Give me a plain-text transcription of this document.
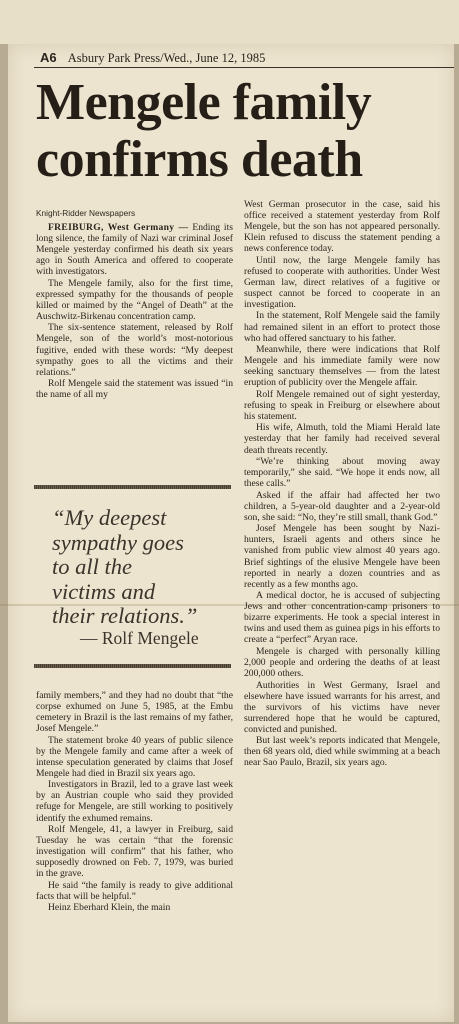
A6 Asbury Park Press/Wed., June 12, 1985
Mengele family
confirms death
Knight-Ridder Newspapers

FREIBURG, West Germany — Ending its long silence, the family of Nazi war criminal Josef Mengele yesterday confirmed his death six years ago in South America and offered to cooperate with investigators.

The Mengele family, also for the first time, expressed sympathy for the thousands of people killed or maimed by the “Angel of Death” at the Auschwitz-Birkenau concentration camp.

The six-sentence statement, released by Rolf Mengele, son of the world’s most-notorious fugitive, ended with these words: “My deepest sympathy goes to all the victims and their relations.”

Rolf Mengele said the statement was issued “in the name of all my

“My deepest
sympathy goes
to all the
victims and
their relations.”
— Rolf Mengele

family members,” and they had no doubt that “the corpse exhumed on June 5, 1985, at the Embu cemetery in Brazil is the last remains of my father, Josef Mengele.”

The statement broke 40 years of public silence by the Mengele family and came after a week of intense speculation generated by claims that Josef Mengele had died in Brazil six years ago.

Investigators in Brazil, led to a grave last week by an Austrian couple who said they provided refuge for Mengele, are still working to positively identify the exhumed remains.

Rolf Mengele, 41, a lawyer in Freiburg, said Tuesday he was certain “that the forensic investigation will confirm” that his father, who supposedly drowned on Feb. 7, 1979, was buried in the grave.

He said “the family is ready to give additional facts that will be helpful.”

Heinz Eberhard Klein, the main

West German prosecutor in the case, said his office received a statement yesterday from Rolf Mengele, but the son has not appeared personally. Klein refused to discuss the statement pending a news conference today.

Until now, the large Mengele family has refused to cooperate with authorities. Under West German law, direct relatives of a fugitive or suspect cannot be forced to cooperate in an investigation.

In the statement, Rolf Mengele said the family had remained silent in an effort to protect those who had offered sanctuary to his father.

Meanwhile, there were indications that Rolf Mengele and his immediate family were now seeking sanctuary themselves — from the latest eruption of publicity over the Mengele affair.

Rolf Mengele remained out of sight yesterday, refusing to speak in Freiburg or elsewhere about his statement.

His wife, Almuth, told the Miami Herald late yesterday that her family had received several death threats recently.

“We’re thinking about moving away temporarily,” she said. “We hope it ends now, all these calls.”

Asked if the affair had affected her two children, a 5-year-old daughter and a 2-year-old son, she said: “No, they’re still small, thank God.”

Josef Mengele has been sought by Nazi-hunters, Israeli agents and others since he vanished from public view almost 40 years ago. Brief sightings of the elusive Mengele have been reported in nearly a dozen countries and as recently as a few months ago.

A medical doctor, he is accused of subjecting Jews and other concentration-camp prisoners to bizarre experiments. He took a special interest in twins and used them as guinea pigs in his efforts to create a “perfect” Aryan race.

Mengele is charged with personally killing 2,000 people and ordering the deaths of at least 200,000 others.

Authorities in West Germany, Israel and elsewhere have issued warrants for his arrest, and the survivors of his victims have never surrendered hope that he would be captured, convicted and punished.

But last week’s reports indicated that Mengele, then 68 years old, died while swimming at a beach near Sao Paulo, Brazil, six years ago.
